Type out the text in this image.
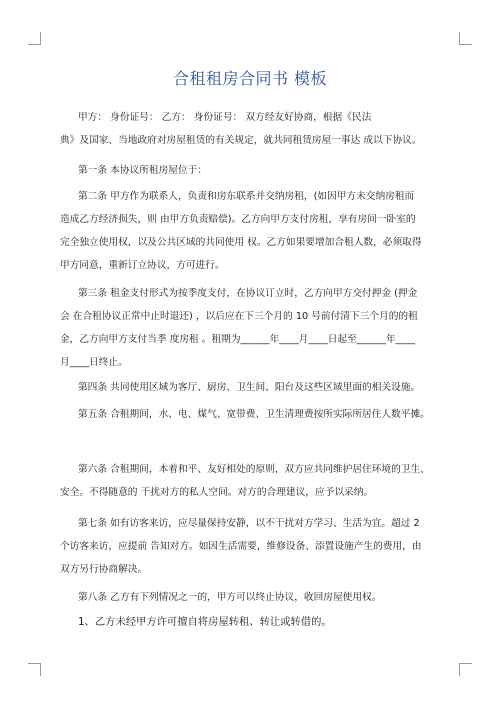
合租租房合同书 模板
甲方： 身份证号： 乙方： 身份证号： 双方经友好协商，根据《民法
典》及国家、当地政府对房屋租赁的有关规定，就共同租赁房屋一事达 成以下协议。
第一条 本协议所租房屋位于：
第二条 甲方作为联系人，负责和房东联系并交纳房租，(如因甲方未交纳房租而
造成乙方经济损失，则 由甲方负责赔偿)。乙方向甲方支付房租，享有房间一卧室的
完全独立使用权，以及公共区域的共同使用 权。乙方如果要增加合租人数，必须取得
甲方同意，重新订立协议，方可进行。
第三条 租金支付形式为按季度支付，在协议订立时，乙方向甲方交付押金 (押金
会 在合租协议正常中止时退还) ，以后应在下三个月的 10 号前付清下三个月的的租
金，乙方向甲方支付当季 度房租 。租期为______年____月____日起至______年____
月____日终止。
第四条 共同使用区域为客厅、厨房、卫生间、阳台及这些区域里面的相关设施。
第五条 合租期间，水、电、煤气、宽带费、卫生清理费按所实际所居住人数平摊。
第六条 合租期间，本着和平、友好相处的原则，双方应共同维护居住环境的卫生、
安全。不得随意的 干扰对方的私人空间。对方的合理建议，应予以采纳。
第七条 如有访客来访，应尽量保持安静，以不干扰对方学习、生活为宜。超过 2
个访客来访，应提前 告知对方。如因生活需要，维修设备、添置设施产生的费用，由
双方另行协商解决。
第八条 乙方有下列情况之一的，甲方可以终止协议，收回房屋使用权。
1、乙方未经甲方许可擅自将房屋转租、转让或转借的。
